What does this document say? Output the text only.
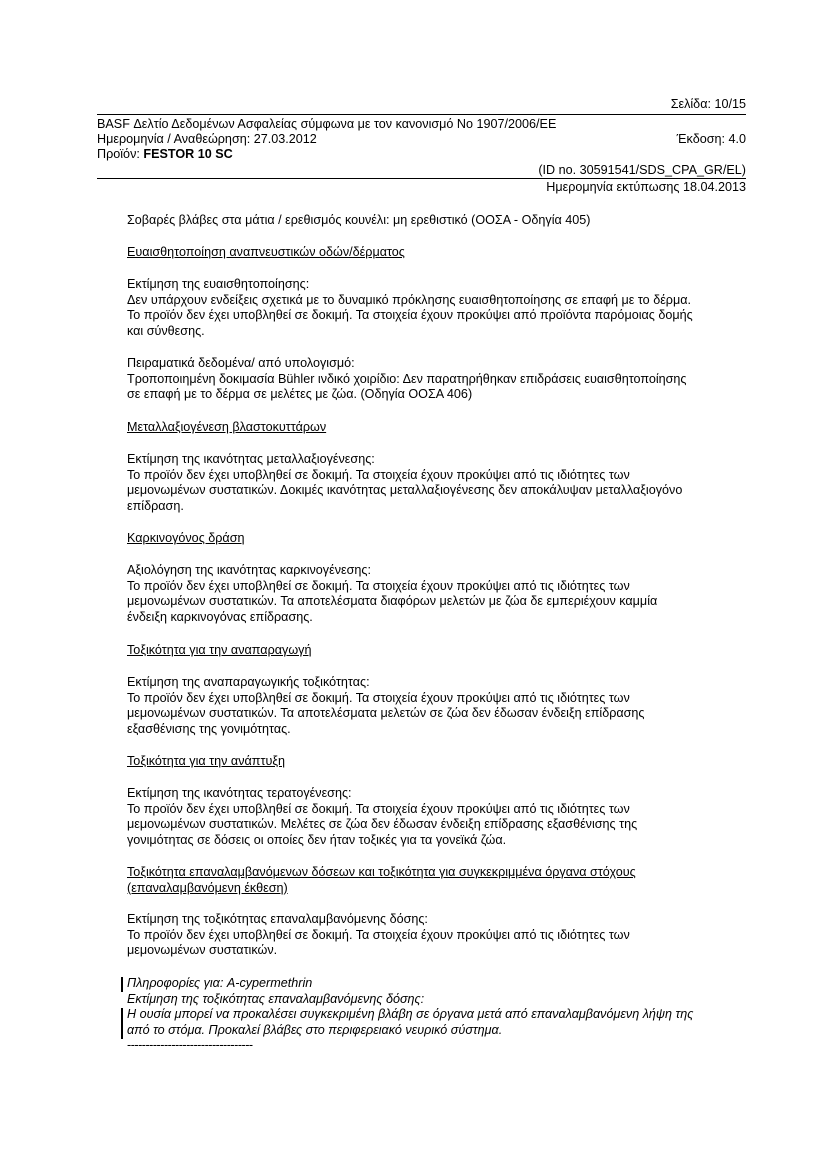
Σελίδα: 10/15
BASF Δελτίο Δεδομένων Ασφαλείας σύμφωνα με τον κανονισμό Νο 1907/2006/ΕΕ
Ημερομηνία / Αναθεώρηση: 27.03.2012	Έκδοση: 4.0
Προϊόν: FESTOR 10 SC
(ID no. 30591541/SDS_CPA_GR/EL)
Ημερομηνία εκτύπωσης 18.04.2013
Σοβαρές βλάβες στα μάτια / ερεθισμός κουνέλι: μη ερεθιστικό (ΟΟΣΑ - Οδηγία 405)
Ευαισθητοποίηση αναπνευστικών οδών/δέρματος
Εκτίμηση της ευαισθητοποίησης:
Δεν υπάρχουν ενδείξεις σχετικά με το δυναμικό πρόκλησης ευαισθητοποίησης σε επαφή με το δέρμα.
Το προϊόν δεν έχει υποβληθεί σε δοκιμή. Τα στοιχεία έχουν προκύψει από προϊόντα παρόμοιας δομής
και σύνθεσης.
Πειραματικά δεδομένα/ από υπολογισμό:
Τροποποιημένη δοκιμασία Bühler ινδικό χοιρίδιο: Δεν παρατηρήθηκαν επιδράσεις ευαισθητοποίησης
σε επαφή με το δέρμα σε μελέτες με ζώα. (Οδηγία ΟΟΣΑ 406)
Μεταλλαξιογένεση βλαστοκυττάρων
Εκτίμηση της ικανότητας μεταλλαξιογένεσης:
Το προϊόν δεν έχει υποβληθεί σε δοκιμή. Τα στοιχεία έχουν προκύψει από τις ιδιότητες των
μεμονωμένων συστατικών. Δοκιμές ικανότητας μεταλλαξιογένεσης δεν αποκάλυψαν μεταλλαξιογόνο
επίδραση.
Καρκινογόνος δράση
Αξιολόγηση της ικανότητας καρκινογένεσης:
Το προϊόν δεν έχει υποβληθεί σε δοκιμή. Τα στοιχεία έχουν προκύψει από τις ιδιότητες των
μεμονωμένων συστατικών. Τα αποτελέσματα διαφόρων μελετών με ζώα δε εμπεριέχουν καμμία
ένδειξη καρκινογόνας επίδρασης.
Τοξικότητα για την αναπαραγωγή
Εκτίμηση της αναπαραγωγικής τοξικότητας:
Το προϊόν δεν έχει υποβληθεί σε δοκιμή. Τα στοιχεία έχουν προκύψει από τις ιδιότητες των
μεμονωμένων συστατικών. Τα αποτελέσματα μελετών σε ζώα δεν έδωσαν ένδειξη επίδρασης
εξασθένισης της γονιμότητας.
Τοξικότητα για την ανάπτυξη
Εκτίμηση της ικανότητας τερατογένεσης:
Το προϊόν δεν έχει υποβληθεί σε δοκιμή. Τα στοιχεία έχουν προκύψει από τις ιδιότητες των
μεμονωμένων συστατικών. Μελέτες σε ζώα δεν έδωσαν ένδειξη επίδρασης εξασθένισης της
γονιμότητας σε δόσεις οι οποίες δεν ήταν τοξικές για τα γονεϊκά ζώα.
Τοξικότητα επαναλαμβανόμενων δόσεων και τοξικότητα για συγκεκριμμένα όργανα στόχους
(επαναλαμβανόμενη έκθεση)
Εκτίμηση της τοξικότητας επαναλαμβανόμενης δόσης:
Το προϊόν δεν έχει υποβληθεί σε δοκιμή. Τα στοιχεία έχουν προκύψει από τις ιδιότητες των
μεμονωμένων συστατικών.
Πληροφορίες για: A-cypermethrin
Εκτίμηση της τοξικότητας επαναλαμβανόμενης δόσης:
Η ουσία μπορεί να προκαλέσει συγκεκριμένη βλάβη σε όργανα μετά από επαναλαμβανόμενη λήψη της
από το στόμα. Προκαλεί βλάβες στο περιφερειακό νευρικό σύστημα.
----------------------------------
